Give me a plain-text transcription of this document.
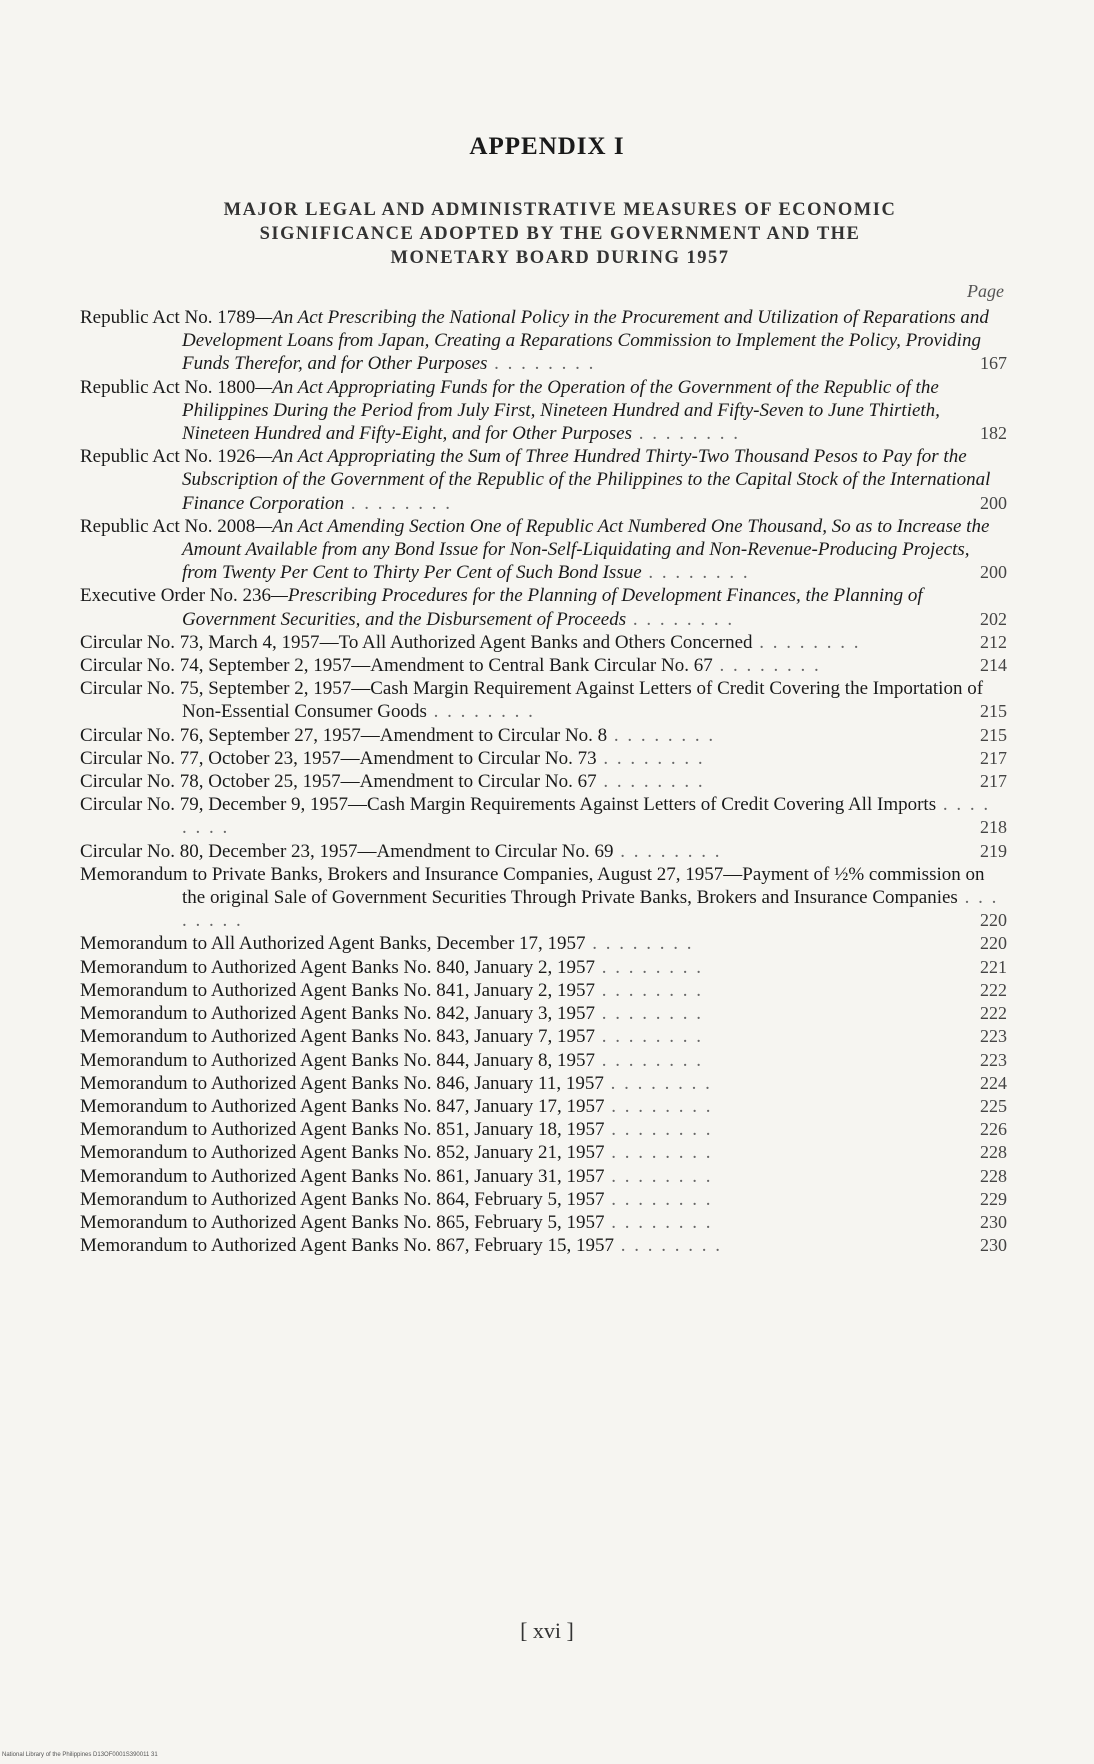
APPENDIX I
MAJOR LEGAL AND ADMINISTRATIVE MEASURES OF ECONOMIC
SIGNIFICANCE ADOPTED BY THE GOVERNMENT AND THE
MONETARY BOARD DURING 1957
Page
Republic Act No. 1789—An Act Prescribing the National Policy in the Procurement and Utilization of Reparations and Development Loans from Japan, Creating a Reparations Commission to Implement the Policy, Providing Funds Therefor, and for Other Purposes . . . . . . . .	167
Republic Act No. 1800—An Act Appropriating Funds for the Operation of the Government of the Republic of the Philippines During the Period from July First, Nineteen Hundred and Fifty-Seven to June Thirtieth, Nineteen Hundred and Fifty-Eight, and for Other Purposes . . . . . . . .	182
Republic Act No. 1926—An Act Appropriating the Sum of Three Hundred Thirty-Two Thousand Pesos to Pay for the Subscription of the Government of the Republic of the Philippines to the Capital Stock of the International Finance Corporation . . . . . . . .	200
Republic Act No. 2008—An Act Amending Section One of Republic Act Numbered One Thousand, So as to Increase the Amount Available from any Bond Issue for Non-Self-Liquidating and Non-Revenue-Producing Projects, from Twenty Per Cent to Thirty Per Cent of Such Bond Issue . . . . . . . .	200
Executive Order No. 236—Prescribing Procedures for the Planning of Development Finances, the Planning of Government Securities, and the Disbursement of Proceeds . . . . . . . .	202
Circular No. 73, March 4, 1957—To All Authorized Agent Banks and Others Concerned . . . . . . . .	212
Circular No. 74, September 2, 1957—Amendment to Central Bank Circular No. 67 . . . . . . . .	214
Circular No. 75, September 2, 1957—Cash Margin Requirement Against Letters of Credit Covering the Importation of Non-Essential Consumer Goods . . . . . . . .	215
Circular No. 76, September 27, 1957—Amendment to Circular No. 8 . . . . . . . .	215
Circular No. 77, October 23, 1957—Amendment to Circular No. 73 . . . . . . . .	217
Circular No. 78, October 25, 1957—Amendment to Circular No. 67 . . . . . . . .	217
Circular No. 79, December 9, 1957—Cash Margin Requirements Against Letters of Credit Covering All Imports . . . . . . . .	218
Circular No. 80, December 23, 1957—Amendment to Circular No. 69 . . . . . . . .	219
Memorandum to Private Banks, Brokers and Insurance Companies, August 27, 1957—Payment of ½% commission on the original Sale of Government Securities Through Private Banks, Brokers and Insurance Companies . . . . . . . .	220
Memorandum to All Authorized Agent Banks, December 17, 1957 . . . . . . . .	220
Memorandum to Authorized Agent Banks No. 840, January 2, 1957 . . . . . . . .	221
Memorandum to Authorized Agent Banks No. 841, January 2, 1957 . . . . . . . .	222
Memorandum to Authorized Agent Banks No. 842, January 3, 1957 . . . . . . . .	222
Memorandum to Authorized Agent Banks No. 843, January 7, 1957 . . . . . . . .	223
Memorandum to Authorized Agent Banks No. 844, January 8, 1957 . . . . . . . .	223
Memorandum to Authorized Agent Banks No. 846, January 11, 1957 . . . . . . . .	224
Memorandum to Authorized Agent Banks No. 847, January 17, 1957 . . . . . . . .	225
Memorandum to Authorized Agent Banks No. 851, January 18, 1957 . . . . . . . .	226
Memorandum to Authorized Agent Banks No. 852, January 21, 1957 . . . . . . . .	228
Memorandum to Authorized Agent Banks No. 861, January 31, 1957 . . . . . . . .	228
Memorandum to Authorized Agent Banks No. 864, February 5, 1957 . . . . . . . .	229
Memorandum to Authorized Agent Banks No. 865, February 5, 1957 . . . . . . . .	230
Memorandum to Authorized Agent Banks No. 867, February 15, 1957 . . . . . . . .	230
[ xvi ]
National Library of the Philippines D13OF0001S390011 31
